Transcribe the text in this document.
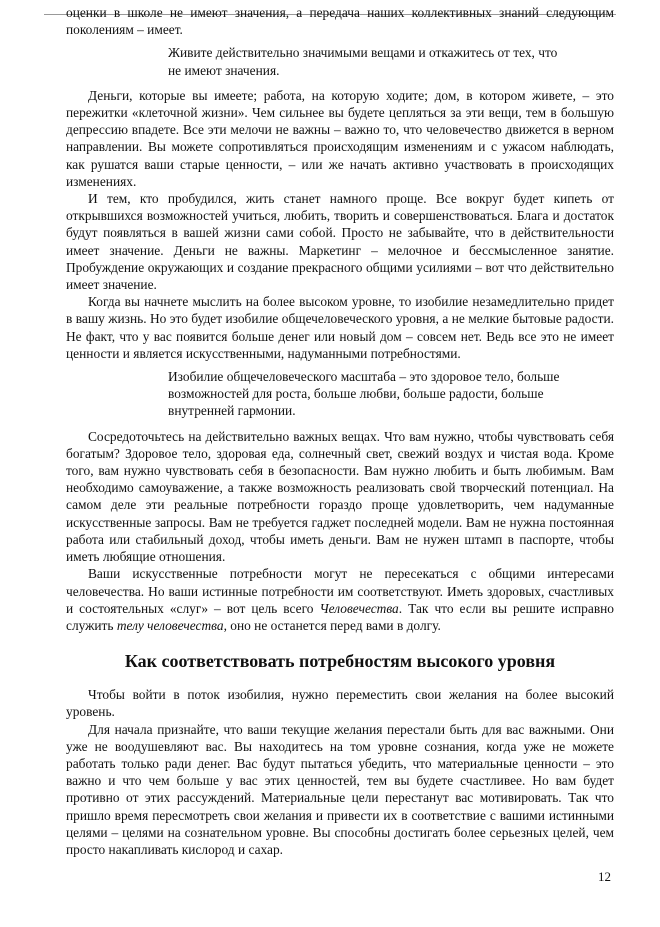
оценки в школе не имеют значения, а передача наших коллективных знаний следующим поколениям – имеет.

Живите действительно значимыми вещами и откажитесь от тех, что не имеют значения.

Деньги, которые вы имеете; работа, на которую ходите; дом, в котором живете, – это пережитки «клеточной жизни». Чем сильнее вы будете цепляться за эти вещи, тем в большую депрессию впадете. Все эти мелочи не важны – важно то, что человечество движется в верном направлении. Вы можете сопротивляться происходящим изменениям и с ужасом наблюдать, как рушатся ваши старые ценности, – или же начать активно участвовать в происходящих изменениях.

И тем, кто пробудился, жить станет намного проще. Все вокруг будет кипеть от открывшихся возможностей учиться, любить, творить и совершенствоваться. Блага и достаток будут появляться в вашей жизни сами собой. Просто не забывайте, что в действительности имеет значение. Деньги не важны. Маркетинг – мелочное и бессмысленное занятие. Пробуждение окружающих и создание прекрасного общими усилиями – вот что действительно имеет значение.

Когда вы начнете мыслить на более высоком уровне, то изобилие незамедлительно придет в вашу жизнь. Но это будет изобилие общечеловеческого уровня, а не мелкие бытовые радости. Не факт, что у вас появится больше денег или новый дом – совсем нет. Ведь все это не имеет ценности и является искусственными, надуманными потребностями.

Изобилие общечеловеческого масштаба – это здоровое тело, больше возможностей для роста, больше любви, больше радости, больше внутренней гармонии.

Сосредоточьтесь на действительно важных вещах. Что вам нужно, чтобы чувствовать себя богатым? Здоровое тело, здоровая еда, солнечный свет, свежий воздух и чистая вода. Кроме того, вам нужно чувствовать себя в безопасности. Вам нужно любить и быть любимым. Вам необходимо самоуважение, а также возможность реализовать свой творческий потенциал. На самом деле эти реальные потребности гораздо проще удовлетворить, чем надуманные искусственные запросы. Вам не требуется гаджет последней модели. Вам не нужна постоянная работа или стабильный доход, чтобы иметь деньги. Вам не нужен штамп в паспорте, чтобы иметь любящие отношения.

Ваши искусственные потребности могут не пересекаться с общими интересами человечества. Но ваши истинные потребности им соответствуют. Иметь здоровых, счастливых и состоятельных «слуг» – вот цель всего Человечества. Так что если вы решите исправно служить телу человечества, оно не останется перед вами в долгу.

Как соответствовать потребностям высокого уровня

Чтобы войти в поток изобилия, нужно переместить свои желания на более высокий уровень.

Для начала признайте, что ваши текущие желания перестали быть для вас важными. Они уже не воодушевляют вас. Вы находитесь на том уровне сознания, когда уже не можете работать только ради денег. Вас будут пытаться убедить, что материальные ценности – это важно и что чем больше у вас этих ценностей, тем вы будете счастливее. Но вам будет противно от этих рассуждений. Материальные цели перестанут вас мотивировать. Так что пришло время пересмотреть свои желания и привести их в соответствие с вашими истинными целями – целями на сознательном уровне. Вы способны достигать более серьезных целей, чем просто накапливать кислород и сахар.

12
